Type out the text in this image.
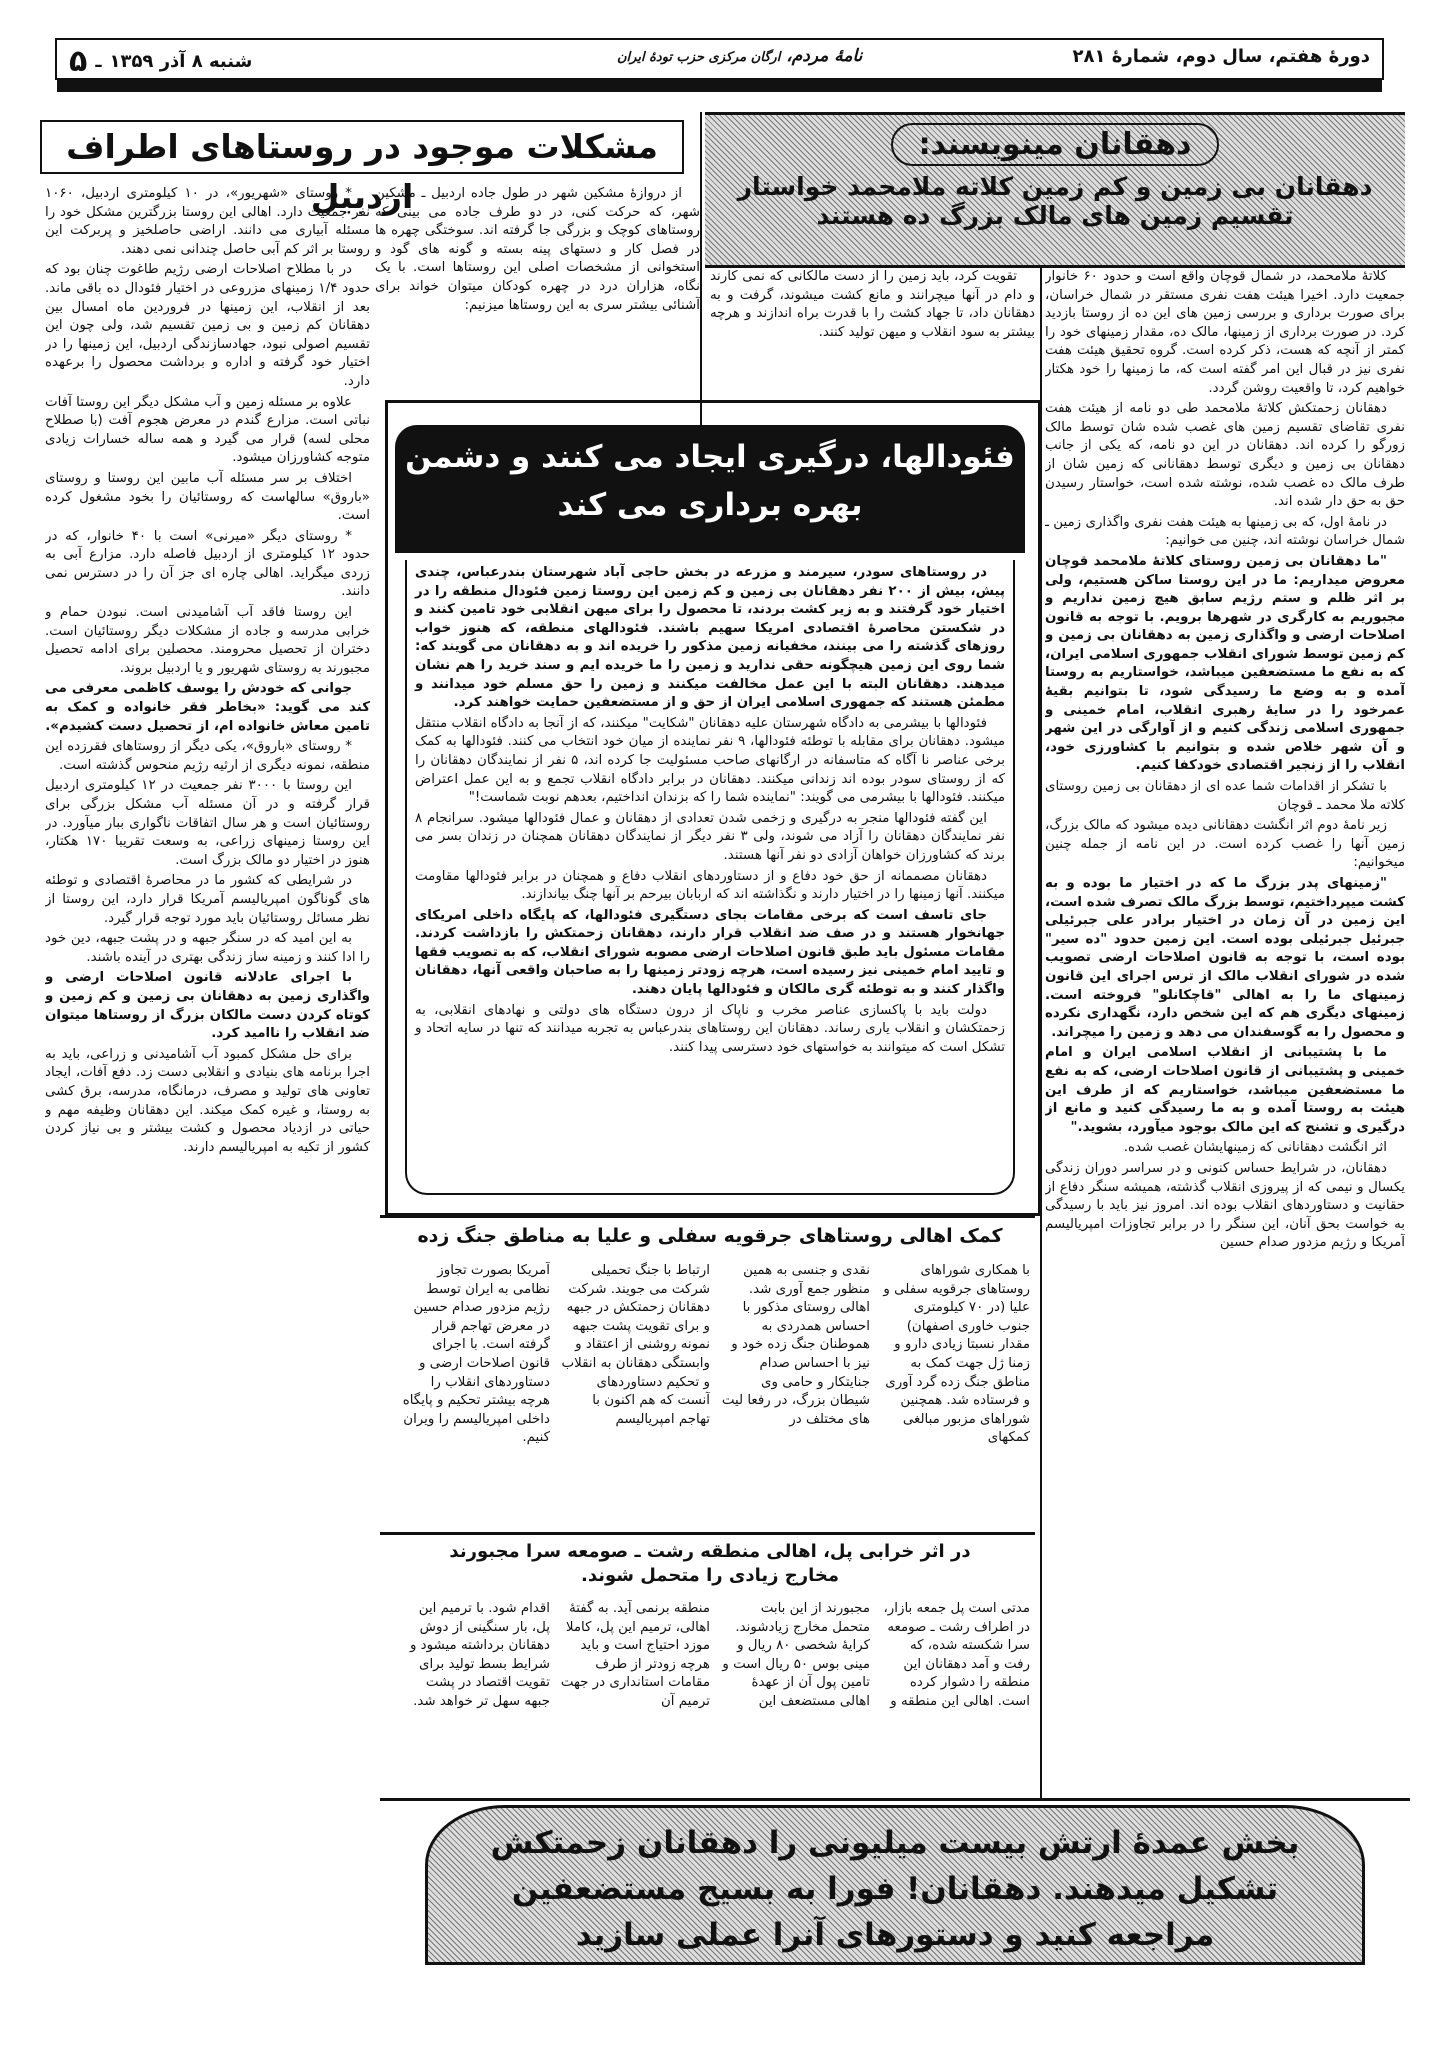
دورهٔ هفتم، سال دوم، شمارهٔ ۲۸۱
نامهٔ مردم، ارگان مرکزی حزب تودهٔ ایران
شنبه ۸ آذر ۱۳۵۹
ـ
۵
مشکلات موجود در روستاهای اطراف اردبیل

از دروازهٔ مشکین شهر در طول جاده اردبیل ـ مشکین شهر، که حرکت کنی، در دو طرف جاده می بینی که روستاهای کوچک و بزرگی جا گرفته اند. سوختگی چهره ها در فصل کار و دستهای پینه بسته و گونه های گود و استخوانی از مشخصات اصلی این روستاها است. با یک نگاه، هزاران درد در چهره کودکان میتوان خواند برای آشنائی بیشتر سری به این روستاها میزنیم:

* روستای «شهریور»، در ۱۰ کیلومتری اردبیل، ۱۰۶۰ نفر جمعیت دارد. اهالی این روستا بزرگترین مشکل خود را مسئله آبیاری می دانند. اراضی حاصلخیز و پربرکت این روستا بر اثر کم آبی حاصل چندانی نمی دهند.

در با مطلاح اصلاحات ارضی رژیم طاغوت چنان بود که حدود ۱/۴ زمینهای مزروعی در اختیار فئودال ده باقی ماند. بعد از انقلاب، این زمینها در فروردین ماه امسال بین دهقانان کم زمین و بی زمین تقسیم شد، ولی چون این تقسیم اصولی نبود، جهادسازندگی اردبیل، این زمینها را در اختیار خود گرفته و اداره و برداشت محصول را برعهده دارد.

علاوه بر مسئله زمین و آب مشکل دیگر این روستا آفات نباتی است. مزارع گندم در معرض هجوم آفت (با صطلاح محلی لسه) قرار می گیرد و همه ساله خسارات زیادی متوجه کشاورزان میشود.

اختلاف بر سر مسئله آب مابین این روستا و روستای «باروق» سالهاست که روستائیان را بخود مشغول کرده است.

* روستای دیگر «میرنی» است با ۴۰ خانوار، که در حدود ۱۲ کیلومتری از اردبیل فاصله دارد. مزارع آبی به زردی میگراید. اهالی چاره ای جز آن را در دسترس نمی دانند.

این روستا فاقد آب آشامیدنی است. نبودن حمام و خرابی مدرسه و جاده از مشکلات دیگر روستائیان است. دختران از تحصیل محرومند. محصلین برای ادامه تحصیل مجبورند به روستای شهریور و یا اردبیل بروند.

جوانی که خودش را یوسف کاظمی معرفی می کند می گوید: «بخاطر فقر خانواده و کمک به تامین معاش خانواده ام، از تحصیل دست کشیدم».

* روستای «باروق»، یکی دیگر از روستاهای فقرزده این منطقه، نمونه دیگری از ارثیه رژیم منحوس گذشته است.

این روستا با ۳۰۰۰ نفر جمعیت در ۱۲ کیلومتری اردبیل قرار گرفته و در آن مسئله آب مشکل بزرگی برای روستائیان است و هر سال اتفاقات ناگواری ببار میآورد. در این روستا زمینهای زراعی، به وسعت تقریبا ۱۷۰ هکتار، هنوز در اختیار دو مالک بزرگ است.

در شرایطی که کشور ما در محاصرهٔ اقتصادی و توطئه های گوناگون امپریالیسم آمریکا قرار دارد، این روستا از نظر مسائل روستائیان باید مورد توجه قرار گیرد.

به این امید که در سنگر جبهه و در پشت جبهه، دین خود را ادا کنند و زمینه ساز زندگی بهتری در آینده باشند.

با اجرای عادلانه قانون اصلاحات ارضی و واگذاری زمین به دهقانان بی زمین و کم زمین و کوتاه کردن دست مالکان بزرگ از روستاها میتوان ضد انقلاب را ناامید کرد.

برای حل مشکل کمبود آب آشامیدنی و زراعی، باید به اجرا برنامه های بنیادی و انقلابی دست زد. دفع آفات، ایجاد تعاونی های تولید و مصرف، درمانگاه، مدرسه، برق کشی به روستا، و غیره کمک میکند. این دهقانان وظیفه مهم و حیاتی در ازدیاد محصول و کشت بیشتر و بی نیاز کردن کشور از تکیه به امپریالیسم دارند.

دهقانان مینویسند:
دهقانان بی زمین و کم زمین کلاته ملامحمد خواستار
تقسیم زمین های مالک بزرگ ده هستند

تقویت کرد، باید زمین را از دست مالکانی که نمی کارند و دام در آنها میچرانند و مانع کشت میشوند، گرفت و به دهقانان داد، تا جهاد کشت را با قدرت براه اندازند و هرچه بیشتر به سود انقلاب و میهن تولید کنند.

کلاتهٔ ملامحمد، در شمال قوچان واقع است و حدود ۶۰ خانوار جمعیت دارد. اخیرا هیئت هفت نفری مستقر در شمال خراسان، برای صورت برداری و بررسی زمین های این ده از روستا بازدید کرد. در صورت برداری از زمینها، مالک ده، مقدار زمینهای خود را کمتر از آنچه که هست، ذکر کرده است. گروه تحقیق هیئت هفت نفری نیز در قبال این امر گفته است که، ما زمینها را خود هکتار خواهیم کرد، تا واقعیت روشن گردد.

دهقانان زحمتکش کلاتهٔ ملامحمد طی دو نامه از هیئت هفت نفری تقاضای تقسیم زمین های غصب شده شان توسط مالک زورگو را کرده اند. دهقانان در این دو نامه، که یکی از جانب دهقانان بی زمین و دیگری توسط دهقانانی که زمین شان از طرف مالک ده غصب شده، نوشته شده است، خواستار رسیدن حق به حق دار شده اند.

در نامهٔ اول، که بی زمینها به هیئت هفت نفری واگذاری زمین ـ شمال خراسان نوشته اند، چنین می خوانیم:

"ما دهقانان بی زمین روستای کلاتهٔ ملامحمد قوچان معروض میداریم: ما در این روستا ساکن هستیم، ولی بر اثر ظلم و ستم رژیم سابق هیچ زمین نداریم و مجبوریم به کارگری در شهرها برویم. با توجه به قانون اصلاحات ارضی و واگذاری زمین به دهقانان بی زمین و کم زمین توسط شورای انقلاب جمهوری اسلامی ایران، که به نفع ما مستضعفین میباشد، خواستاریم به روستا آمده و به وضع ما رسیدگی شود، تا بتوانیم بقیهٔ عمرخود را در سایهٔ رهبری انقلاب، امام خمینی و جمهوری اسلامی زندگی کنیم و از آوارگی در این شهر و آن شهر خلاص شده و بتوانیم با کشاورزی خود، انقلاب را از زنجیر اقتصادی خودکفا کنیم.

با تشکر از اقدامات شما عده ای از دهقانان بی زمین روستای کلاته ملا محمد ـ قوچان

زیر نامهٔ دوم اثر انگشت دهقانانی دیده میشود که مالک بزرگ، زمین آنها را غصب کرده است. در این نامه از جمله چنین میخوانیم:

"زمینهای پدر بزرگ ما که در اختیار ما بوده و به کشت میپرداختیم، توسط بزرگ مالک تصرف شده است، این زمین در آن زمان در اختیار برادر علی جبرئیلی جبرئیل جبرئیلی بوده است. این زمین حدود "ده سیر" بوده است، با توجه به قانون اصلاحات ارضی تصویب شده در شورای انقلاب مالک از ترس اجرای این قانون زمینهای ما را به اهالی "قاچکانلو" فروخته است. زمینهای دیگری هم که این شخص دارد، نگهداری نکرده و محصول را به گوسفندان می دهد و زمین را میچراند.

ما با پشتیبانی از انقلاب اسلامی ایران و امام خمینی و پشتیبانی از قانون اصلاحات ارضی، که به نفع ما مستضعفین میباشد، خواستاریم که از طرف این هیئت به روستا آمده و به ما رسیدگی کنید و مانع از درگیری و تشنج که این مالک بوجود میآورد، بشوید."

اثر انگشت دهقانانی که زمینهایشان غصب شده.

دهقانان، در شرایط حساس کنونی و در سراسر دوران زندگی یکسال و نیمی که از پیروزی انقلاب گذشته، همیشه سنگر دفاع از حقانیت و دستاوردهای انقلاب بوده اند. امروز نیز باید با رسیدگی به خواست بحق آنان، این سنگر را در برابر تجاوزات امپریالیسم آمریکا و رژیم مزدور صدام حسین

فئودالها، درگیری ایجاد می کنند و دشمن
بهره برداری می کند

در روستاهای سودر، سیرمند و مزرعه در بخش حاجی آباد شهرستان بندرعباس، چندی پیش، بیش از ۲۰۰ نفر دهقانان بی زمین و کم زمین این روستا زمین فئودال منطقه را در اختیار خود گرفتند و به زیر کشت بردند، تا محصول را برای میهن انقلابی خود تامین کنند و در شکستن محاصرهٔ اقتصادی امریکا سهیم باشند. فئودالهای منطقه، که هنوز خواب روزهای گذشته را می بینند، مخفیانه زمین مذکور را خریده اند و به دهقانان می گویند که: شما روی این زمین هیچگونه حقی ندارید و زمین را ما خریده ایم و سند خرید را هم نشان میدهند. دهقانان البته با این عمل مخالفت میکنند و زمین را حق مسلم خود میدانند و مطمئن هستند که جمهوری اسلامی ایران از حق و از مستضعفین حمایت خواهند کرد.

فئودالها با بیشرمی به دادگاه شهرستان علیه دهقانان "شکایت" میکنند، که از آنجا به دادگاه انقلاب منتقل میشود. دهقانان برای مقابله با توطئه فئودالها، ۹ نفر نماینده از میان خود انتخاب می کنند. فئودالها به کمک برخی عناصر نا آگاه که متاسفانه در ارگانهای صاحب مسئولیت جا کرده اند، ۵ نفر از نمایندگان دهقانان را که از روستای سودر بوده اند زندانی میکنند. دهقانان در برابر دادگاه انقلاب تجمع و به این عمل اعتراض میکنند. فئودالها با بیشرمی می گویند: "نماینده شما را که بزندان انداختیم، بعدهم نوبت شماست!"

این گفته فئودالها منجر به درگیری و زخمی شدن تعدادی از دهقانان و عمال فئودالها میشود. سرانجام ۸ نفر نمایندگان دهقانان را آزاد می شوند، ولی ۳ نفر دیگر از نمایندگان دهقانان همچنان در زندان بسر می برند که کشاورزان خواهان آزادی دو نفر آنها هستند.

دهقانان مصممانه از حق خود دفاع و از دستاوردهای انقلاب دفاع و همچنان در برابر فئودالها مقاومت میکنند. آنها زمینها را در اختیار دارند و نگذاشته اند که اربابان بیرحم بر آنها چنگ بیاندازند.

جای تاسف است که برخی مقامات بجای دستگیری فئودالها، که پایگاه داخلی امریکای جهانخوار هستند و در صف ضد انقلاب قرار دارند، دهقانان زحمتکش را بازداشت کردند. مقامات مسئول باید طبق قانون اصلاحات ارضی مصوبه شورای انقلاب، که به تصویب فقها و تایید امام خمینی نیز رسیده است، هرچه زودتر زمینها را به صاحبان واقعی آنها، دهقانان واگذار کنند و به توطئه گری مالکان و فئودالها پایان دهند.

دولت باید با پاکسازی عناصر مخرب و ناپاک از درون دستگاه های دولتی و نهادهای انقلابی، به زحمتکشان و انقلاب یاری رساند. دهقانان این روستاهای بندرعباس به تجربه میدانند که تنها در سایه اتحاد و تشکل است که میتوانند به خواستهای خود دسترسی پیدا کنند.

کمک اهالی روستاهای جرقویه سفلی و علیا به مناطق جنگ زده

با همکاری شوراهای روستاهای جرقویه سفلی و علیا (در ۷۰ کیلومتری جنوب خاوری اصفهان) مقدار نسبتا زیادی دارو و زمنا ژل جهت کمک به مناطق جنگ زده گرد آوری و فرستاده شد. همچنین شوراهای مزبور مبالغی کمکهای

نقدی و جنسی به همین منظور جمع آوری شد. اهالی روستای مذکور با احساس همدردی به هموطنان جنگ زده خود و نیز با احساس صدام جنایتکار و حامی وی شیطان بزرگ، در رفعا لیت های مختلف در

ارتباط با جنگ تحمیلی شرکت می جویند. شرکت دهقانان زحمتکش در جبهه و برای تقویت پشت جبهه نمونه روشنی از اعتقاد و وابستگی دهقانان به انقلاب و تحکیم دستاوردهای آنست که هم اکنون با تهاجم امپریالیسم

آمریکا بصورت تجاوز نظامی به ایران توسط رژیم مزدور صدام حسین در معرض تهاجم قرار گرفته است. با اجرای قانون اصلاحات ارضی و دستاوردهای انقلاب را هرچه بیشتر تحکیم و پایگاه داخلی امپریالیسم را ویران کنیم.

در اثر خرابی پل، اهالی منطقه رشت ـ صومعه سرا مجبورند
مخارج زیادی را متحمل شوند.

مدتی است پل جمعه بازار، در اطراف رشت ـ صومعه سرا شکسته شده، که رفت و آمد دهقانان این منطقه را دشوار کرده است. اهالی این منطقه و

مجبورند از این بابت متحمل مخارج زیادشوند. کرایهٔ شخصی ۸۰ ریال و مینی بوس ۵۰ ریال است و تامین پول آن از عهدهٔ اهالی مستضعف این

منطقه برنمی آید. به گفتهٔ اهالی، ترمیم این پل، کاملا موزد احتیاج است و باید هرچه زودتر از طرف مقامات استانداری در جهت ترمیم آن

اقدام شود. با ترمیم این پل، بار سنگینی از دوش دهقانان برداشته میشود و شرایط بسط تولید برای تقویت اقتصاد در پشت جبهه سهل تر خواهد شد.

بخش عمدهٔ ارتش بیست میلیونی را دهقانان زحمتکش
تشکیل میدهند. دهقانان! فورا به بسیج مستضعفین
مراجعه کنید و دستورهای آنرا عملی سازید
